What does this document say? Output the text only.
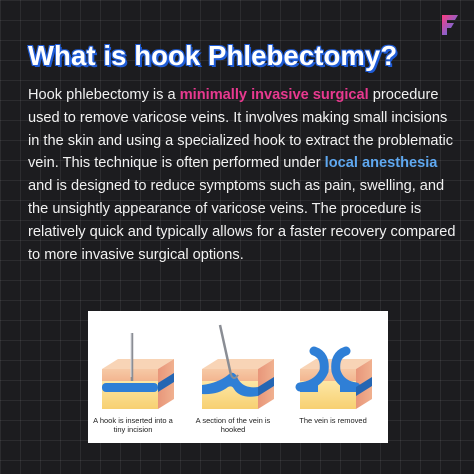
What is hook Phlebectomy?

Hook phlebectomy is a minimally invasive surgical procedure used to remove varicose veins. It involves making small incisions in the skin and using a specialized hook to extract the problematic vein. This technique is often performed under local anesthesia and is designed to reduce symptoms such as pain, swelling, and the unsightly appearance of varicose veins. The procedure is relatively quick and typically allows for a faster recovery compared to more invasive surgical options.

A hook is inserted into a tiny incision
A section of the vein is hooked
The vein is removed
